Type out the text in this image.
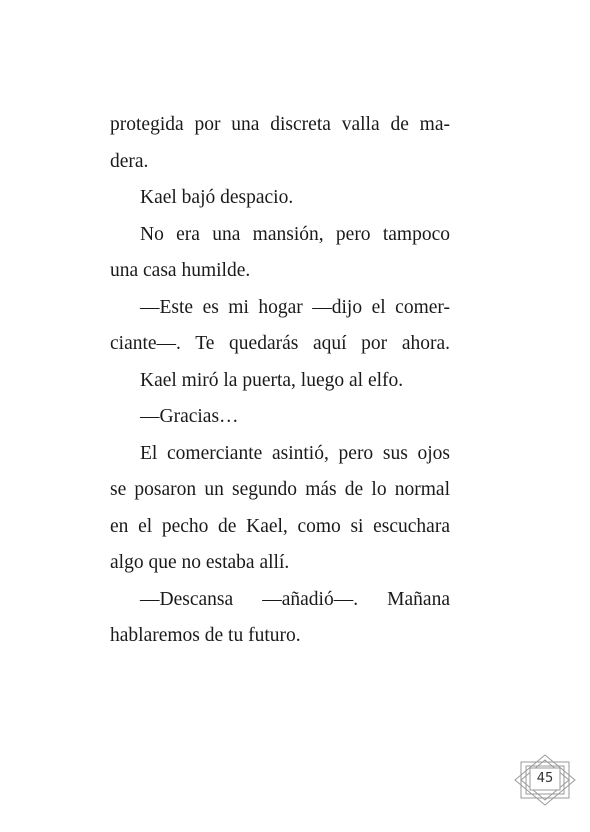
protegida por una discreta valla de ma-
dera.
Kael bajó despacio.
No era una mansión, pero tampoco
una casa humilde.
—Este es mi hogar —dijo el comer-
ciante—. Te quedarás aquí por ahora.
Kael miró la puerta, luego al elfo.
—Gracias…
El comerciante asintió, pero sus ojos
se posaron un segundo más de lo normal
en el pecho de Kael, como si escuchara
algo que no estaba allí.
—Descansa —añadió—. Mañana
hablaremos de tu futuro.
45
